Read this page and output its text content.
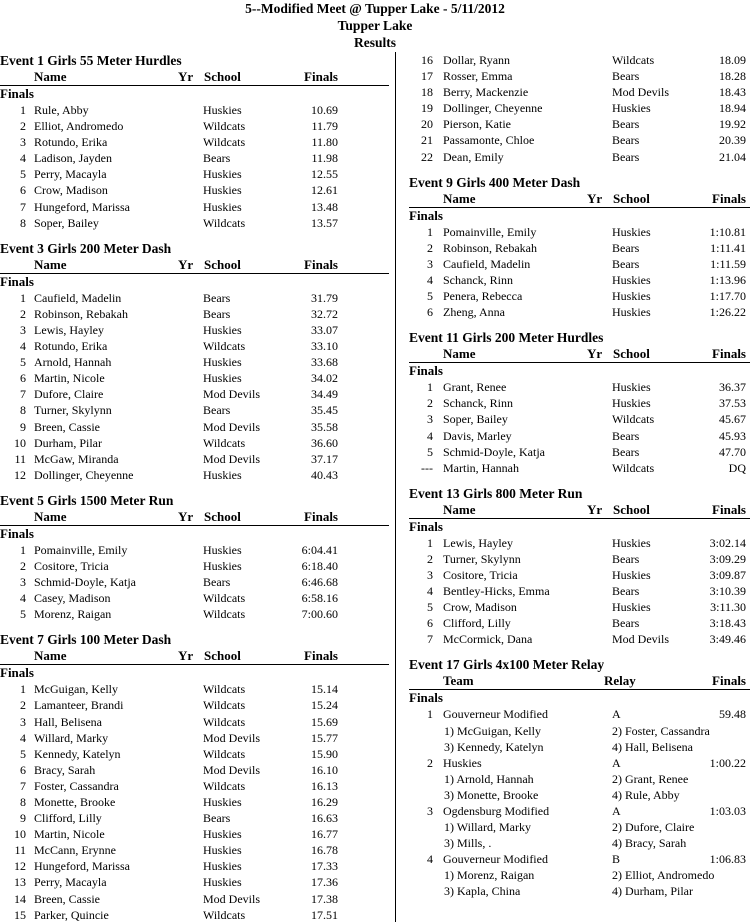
5--Modified Meet @ Tupper Lake - 5/11/2012
Tupper Lake
Results
Event 1 Girls 55 Meter Hurdles
Name	Yr School	Finals
Finals
1 Rule, Abby	Huskies	10.69
2 Elliot, Andromedo	Wildcats	11.79
3 Rotundo, Erika	Wildcats	11.80
4 Ladison, Jayden	Bears	11.98
5 Perry, Macayla	Huskies	12.55
6 Crow, Madison	Huskies	12.61
7 Hungeford, Marissa	Huskies	13.48
8 Soper, Bailey	Wildcats	13.57
Event 3 Girls 200 Meter Dash
Name	Yr School	Finals
Finals
1 Caufield, Madelin	Bears	31.79
2 Robinson, Rebakah	Bears	32.72
3 Lewis, Hayley	Huskies	33.07
4 Rotundo, Erika	Wildcats	33.10
5 Arnold, Hannah	Huskies	33.68
6 Martin, Nicole	Huskies	34.02
7 Dufore, Claire	Mod Devils	34.49
8 Turner, Skylynn	Bears	35.45
9 Breen, Cassie	Mod Devils	35.58
10 Durham, Pilar	Wildcats	36.60
11 McGaw, Miranda	Mod Devils	37.17
12 Dollinger, Cheyenne	Huskies	40.43
Event 5 Girls 1500 Meter Run
Name	Yr School	Finals
Finals
1 Pomainville, Emily	Huskies	6:04.41
2 Cositore, Tricia	Huskies	6:18.40
3 Schmid-Doyle, Katja	Bears	6:46.68
4 Casey, Madison	Wildcats	6:58.16
5 Morenz, Raigan	Wildcats	7:00.60
Event 7 Girls 100 Meter Dash
Name	Yr School	Finals
Finals
1 McGuigan, Kelly	Wildcats	15.14
2 Lamanteer, Brandi	Wildcats	15.24
3 Hall, Belisena	Wildcats	15.69
4 Willard, Marky	Mod Devils	15.77
5 Kennedy, Katelyn	Wildcats	15.90
6 Bracy, Sarah	Mod Devils	16.10
7 Foster, Cassandra	Wildcats	16.13
8 Monette, Brooke	Huskies	16.29
9 Clifford, Lilly	Bears	16.63
10 Martin, Nicole	Huskies	16.77
11 McCann, Erynne	Huskies	16.78
12 Hungeford, Marissa	Huskies	17.33
13 Perry, Macayla	Huskies	17.36
14 Breen, Cassie	Mod Devils	17.38
15 Parker, Quincie	Wildcats	17.51
16 Dollar, Ryann	Wildcats	18.09
17 Rosser, Emma	Bears	18.28
18 Berry, Mackenzie	Mod Devils	18.43
19 Dollinger, Cheyenne	Huskies	18.94
20 Pierson, Katie	Bears	19.92
21 Passamonte, Chloe	Bears	20.39
22 Dean, Emily	Bears	21.04
Event 9 Girls 400 Meter Dash
Name	Yr School	Finals
Finals
1 Pomainville, Emily	Huskies	1:10.81
2 Robinson, Rebakah	Bears	1:11.41
3 Caufield, Madelin	Bears	1:11.59
4 Schanck, Rinn	Huskies	1:13.96
5 Penera, Rebecca	Huskies	1:17.70
6 Zheng, Anna	Huskies	1:26.22
Event 11 Girls 200 Meter Hurdles
Name	Yr School	Finals
Finals
1 Grant, Renee	Huskies	36.37
2 Schanck, Rinn	Huskies	37.53
3 Soper, Bailey	Wildcats	45.67
4 Davis, Marley	Bears	45.93
5 Schmid-Doyle, Katja	Bears	47.70
--- Martin, Hannah	Wildcats	DQ
Event 13 Girls 800 Meter Run
Name	Yr School	Finals
Finals
1 Lewis, Hayley	Huskies	3:02.14
2 Turner, Skylynn	Bears	3:09.29
3 Cositore, Tricia	Huskies	3:09.87
4 Bentley-Hicks, Emma	Bears	3:10.39
5 Crow, Madison	Huskies	3:11.30
6 Clifford, Lilly	Bears	3:18.43
7 McCormick, Dana	Mod Devils	3:49.46
Event 17 Girls 4x100 Meter Relay
Team	Relay	Finals
Finals
1 Gouverneur Modified	A	59.48
1) McGuigan, Kelly	2) Foster, Cassandra
3) Kennedy, Katelyn	4) Hall, Belisena
2 Huskies	A	1:00.22
1) Arnold, Hannah	2) Grant, Renee
3) Monette, Brooke	4) Rule, Abby
3 Ogdensburg Modified	A	1:03.03
1) Willard, Marky	2) Dufore, Claire
3) Mills, .	4) Bracy, Sarah
4 Gouverneur Modified	B	1:06.83
1) Morenz, Raigan	2) Elliot, Andromedo
3) Kapla, China	4) Durham, Pilar
